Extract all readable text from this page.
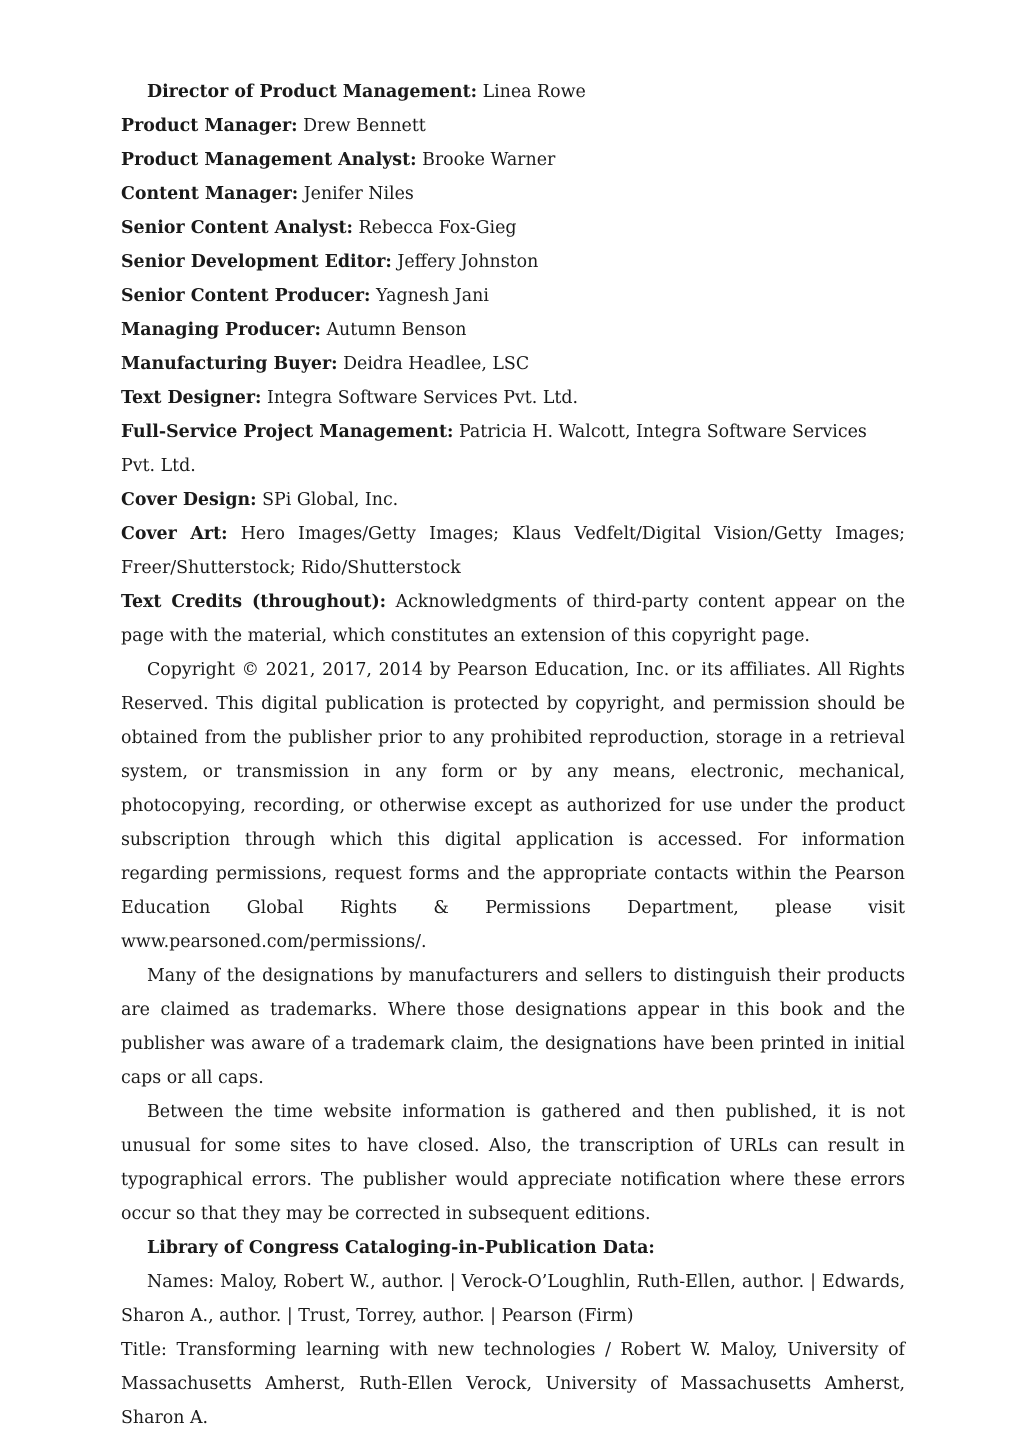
Director of Product Management: Linea Rowe

Product Manager: Drew Bennett

Product Management Analyst: Brooke Warner

Content Manager: Jenifer Niles

Senior Content Analyst: Rebecca Fox-Gieg

Senior Development Editor: Jeffery Johnston

Senior Content Producer: Yagnesh Jani

Managing Producer: Autumn Benson

Manufacturing Buyer: Deidra Headlee, LSC

Text Designer: Integra Software Services Pvt. Ltd.

Full-Service Project Management: Patricia H. Walcott, Integra Software Services Pvt. Ltd.

Cover Design: SPi Global, Inc.

Cover Art: Hero Images/Getty Images; Klaus Vedfelt/Digital Vision/Getty Images; Freer/Shutterstock; Rido/Shutterstock

Text Credits (throughout): Acknowledgments of third-party content appear on the page with the material, which constitutes an extension of this copyright page.

Copyright © 2021, 2017, 2014 by Pearson Education, Inc. or its affiliates. All Rights Reserved. This digital publication is protected by copyright, and permission should be obtained from the publisher prior to any prohibited reproduction, storage in a retrieval system, or transmission in any form or by any means, electronic, mechanical, photocopying, recording, or otherwise except as authorized for use under the product subscription through which this digital application is accessed. For information regarding permissions, request forms and the appropriate contacts within the Pearson Education Global Rights & Permissions Department, please visit www.pearsoned.com/permissions/.

Many of the designations by manufacturers and sellers to distinguish their products are claimed as trademarks. Where those designations appear in this book and the publisher was aware of a trademark claim, the designations have been printed in initial caps or all caps.

Between the time website information is gathered and then published, it is not unusual for some sites to have closed. Also, the transcription of URLs can result in typographical errors. The publisher would appreciate notification where these errors occur so that they may be corrected in subsequent editions.

Library of Congress Cataloging-in-Publication Data:

Names: Maloy, Robert W., author. | Verock-O’Loughlin, Ruth-Ellen, author. | Edwards, Sharon A., author. | Trust, Torrey, author. | Pearson (Firm)

Title: Transforming learning with new technologies / Robert W. Maloy, University of Massachusetts Amherst, Ruth-Ellen Verock, University of Massachusetts Amherst, Sharon A.
